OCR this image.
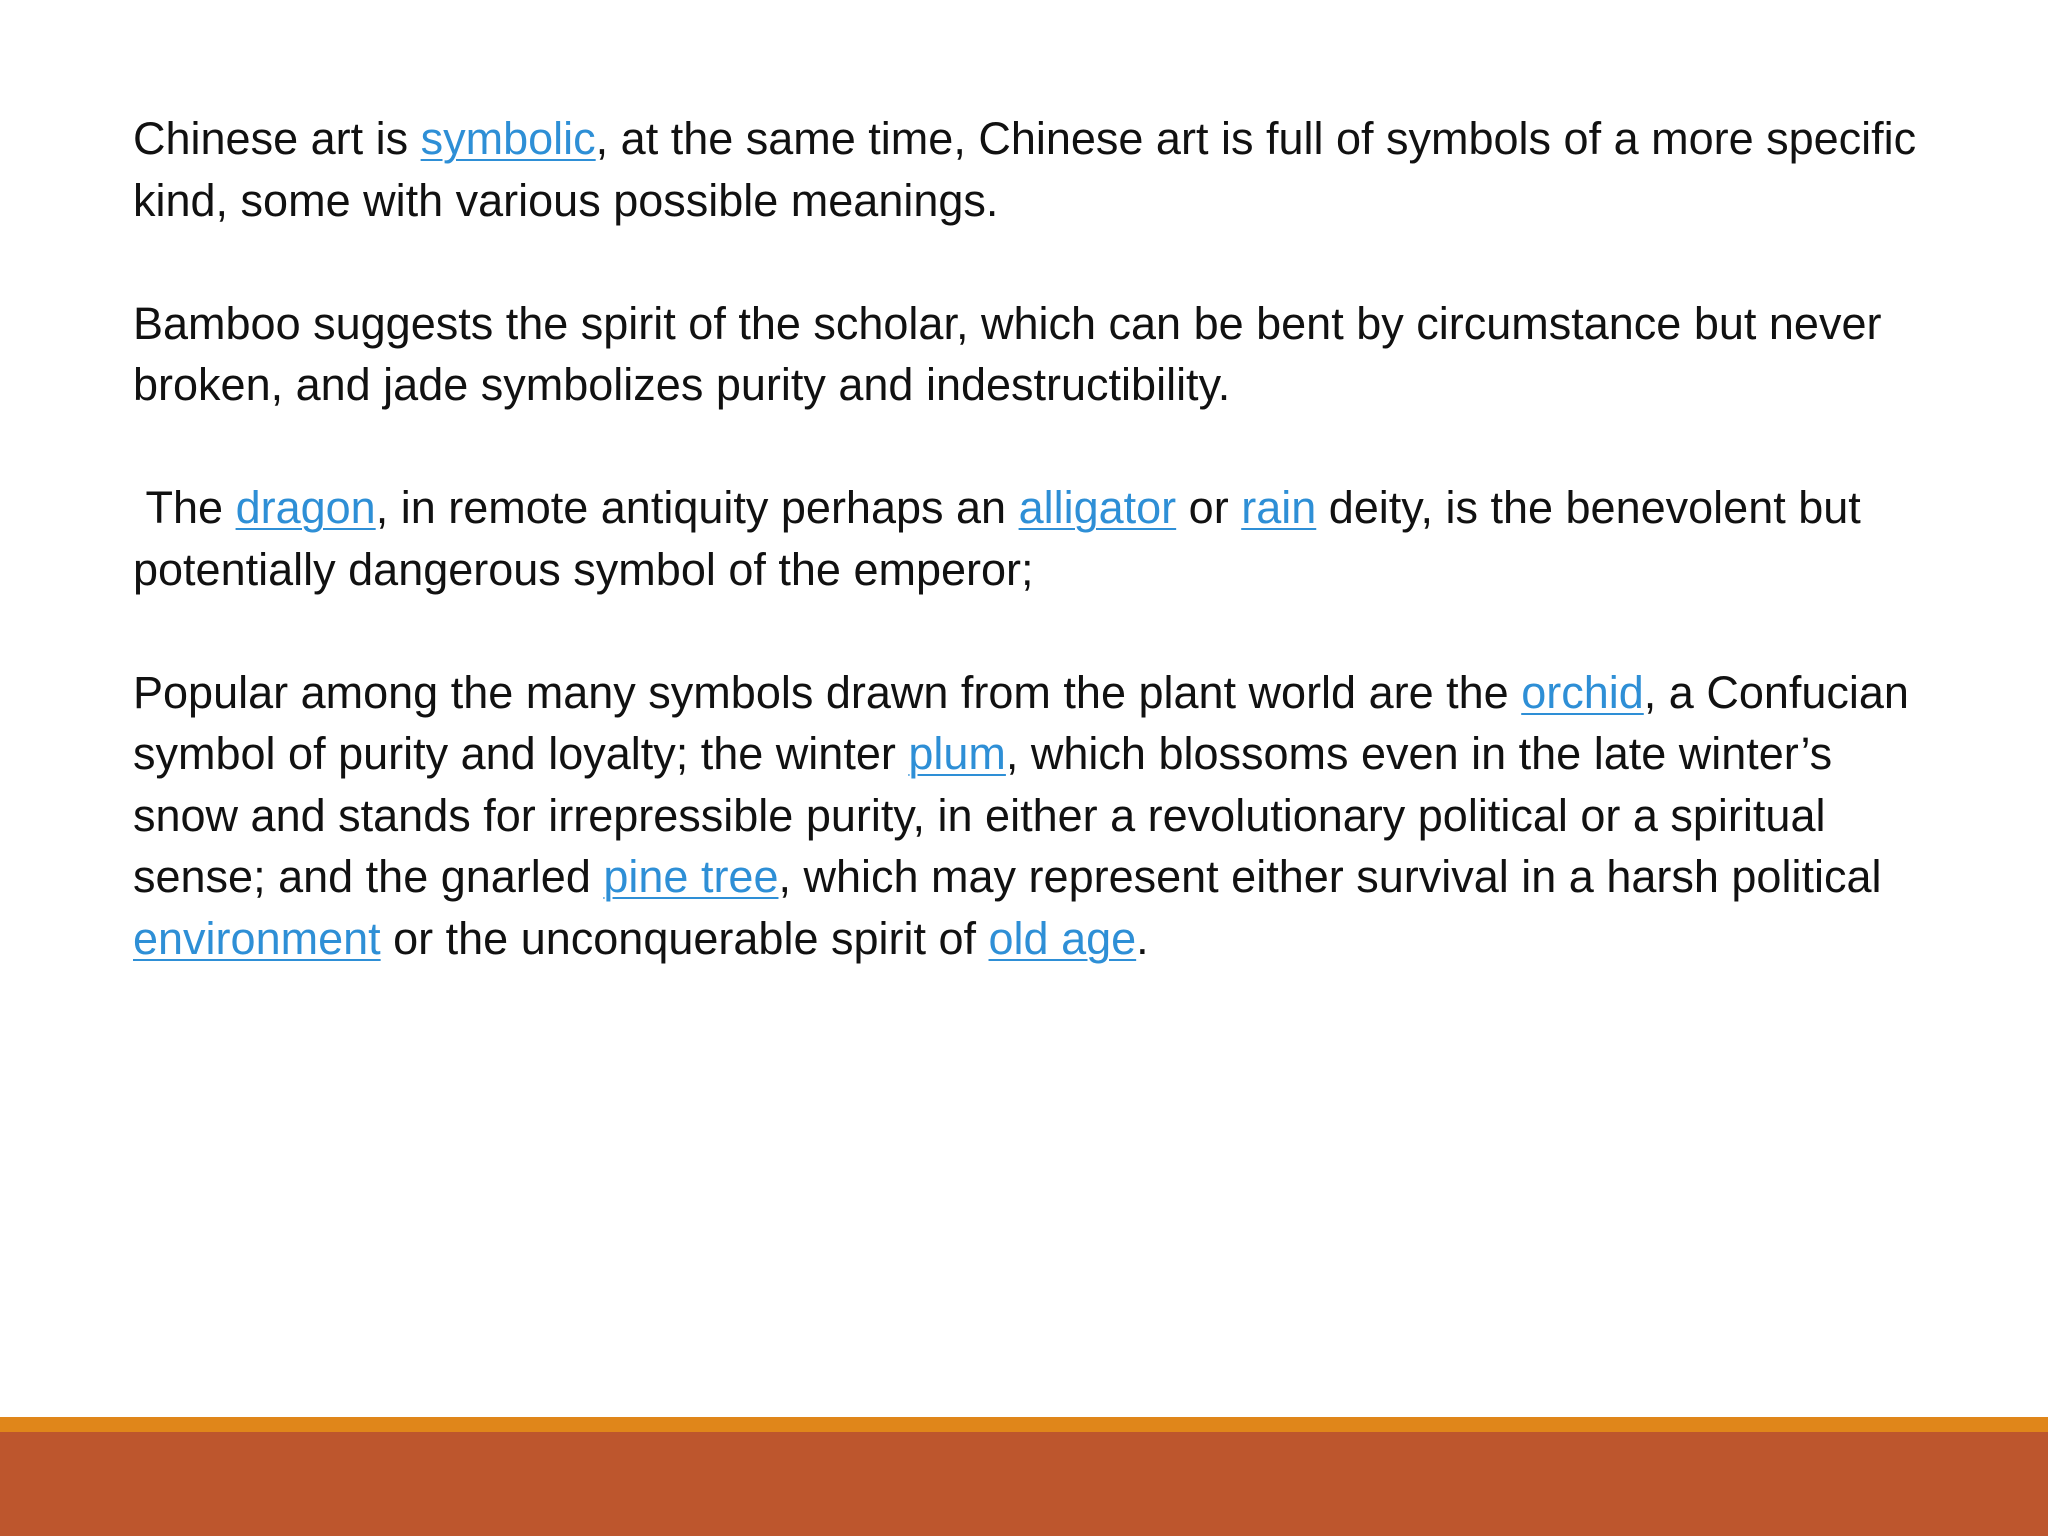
Chinese art is symbolic, at the same time, Chinese art is full of symbols of a more specific kind, some with various possible meanings.

Bamboo suggests the spirit of the scholar, which can be bent by circumstance but never broken, and jade symbolizes purity and indestructibility.

The dragon, in remote antiquity perhaps an alligator or rain deity, is the benevolent but potentially dangerous symbol of the emperor;

Popular among the many symbols drawn from the plant world are the orchid, a Confucian symbol of purity and loyalty; the winter plum, which blossoms even in the late winter’s snow and stands for irrepressible purity, in either a revolutionary political or a spiritual sense; and the gnarled pine tree, which may represent either survival in a harsh political environment or the unconquerable spirit of old age.
